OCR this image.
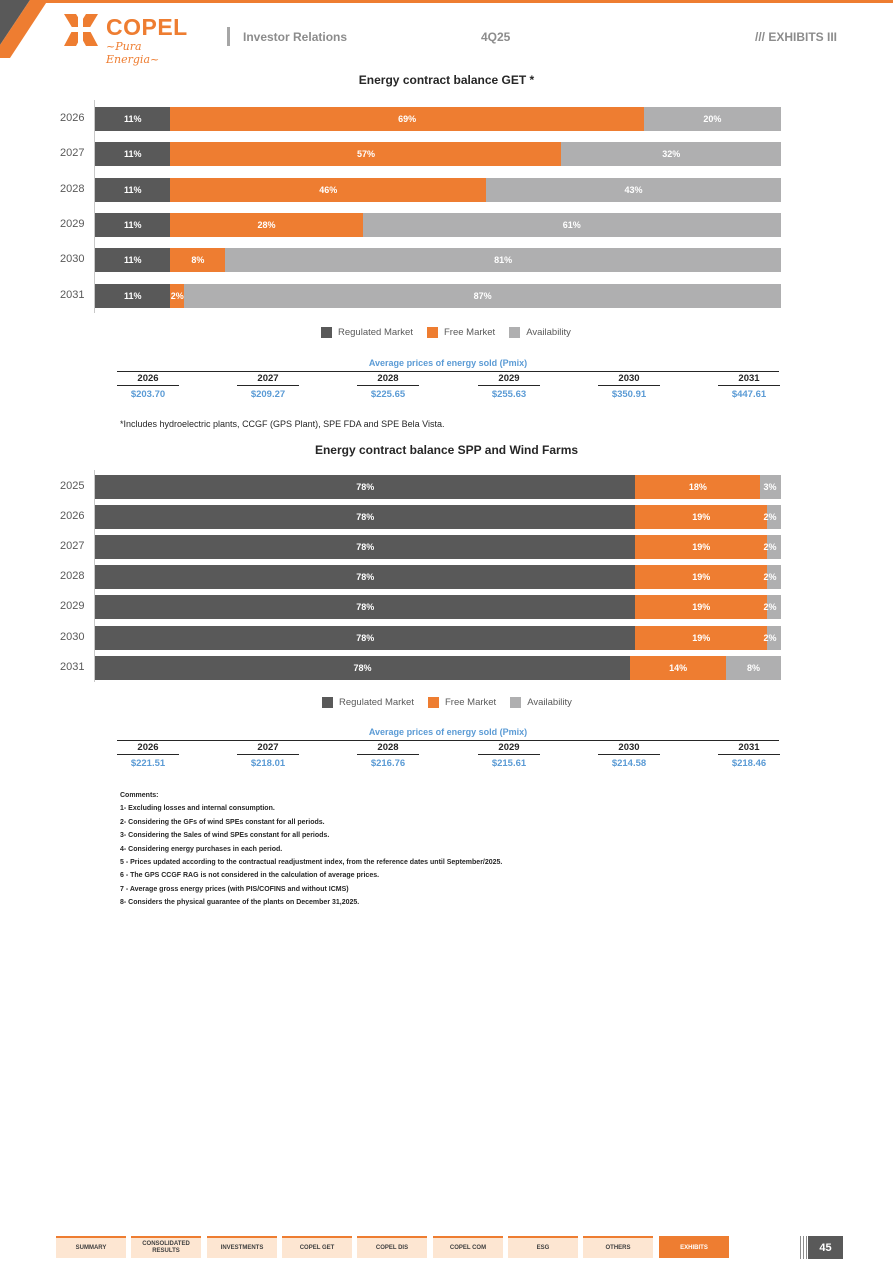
COPEL
~Pura Energia~
Investor Relations	4Q25	/// EXHIBITS III
Energy contract balance GET *
2026	11%	69%	20%
2027	11%	57%	32%
2028	11%	46%	43%
2029	11%	28%	61%
2030	11%	8%	81%
2031	11%	2%	87%
Regulated Market	Free Market	Availability
Average prices of energy sold (Pmix)
2026
$203.70
2027
$209.27
2028
$225.65
2029
$255.63
2030
$350.91
2031
$447.61
*Includes hydroelectric plants, CCGF (GPS Plant), SPE FDA and SPE Bela Vista.
Energy contract balance SPP and Wind Farms
2025	78%	18%	3%
2026	78%	19%	2%
2027	78%	19%	2%
2028	78%	19%	2%
2029	78%	19%	2%
2030	78%	19%	2%
2031	78%	14%	8%
Regulated Market	Free Market	Availability
Average prices of energy sold (Pmix)
2026
$221.51
2027
$218.01
2028
$216.76
2029
$215.61
2030
$214.58
2031
$218.46
Comments:
1- Excluding losses and internal consumption.
2- Considering the GFs of wind SPEs constant for all periods.
3- Considering the Sales of wind SPEs constant for all periods.
4- Considering energy purchases in each period.
5 - Prices updated according to the contractual readjustment index, from the reference dates until September/2025.
6 - The GPS CCGF RAG is not considered in the calculation of average prices.
7 - Average gross energy prices (with PIS/COFINS and without ICMS)
8- Considers the physical guarantee of the plants on December 31,2025.
SUMMARY
CONSOLIDATED RESULTS
INVESTMENTS	COPEL GET	COPEL DIS	COPEL COM	ESG	OTHERS	EXHIBITS	45
